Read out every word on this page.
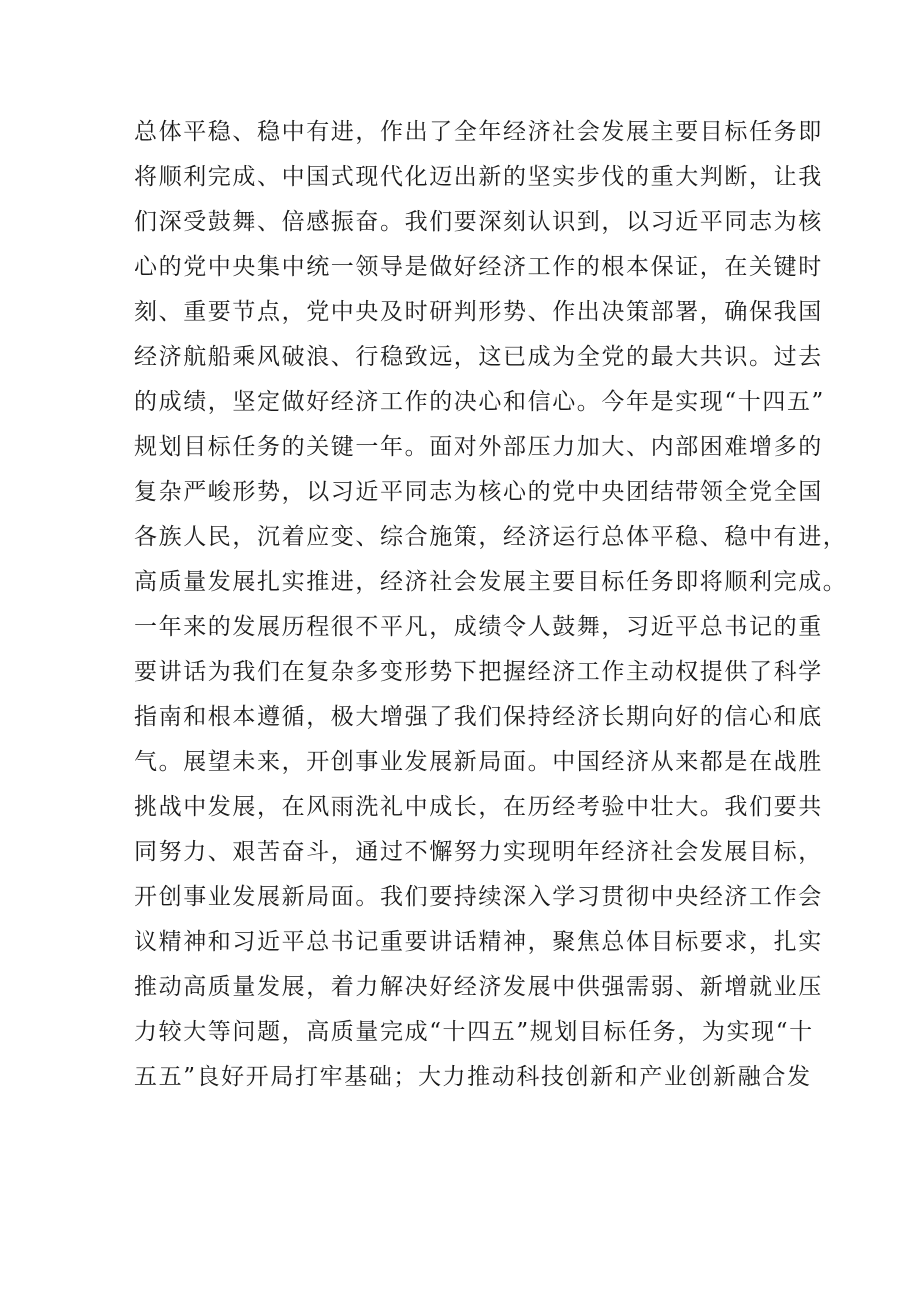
总体平稳、稳中有进，作出了全年经济社会发展主要目标任务即
将顺利完成、中国式现代化迈出新的坚实步伐的重大判断，让我
们深受鼓舞、倍感振奋。我们要深刻认识到，以习近平同志为核
心的党中央集中统一领导是做好经济工作的根本保证，在关键时
刻、重要节点，党中央及时研判形势、作出决策部署，确保我国
经济航船乘风破浪、行稳致远，这已成为全党的最大共识。过去
的成绩，坚定做好经济工作的决心和信心。今年是实现“十四五”
规划目标任务的关键一年。面对外部压力加大、内部困难增多的
复杂严峻形势，以习近平同志为核心的党中央团结带领全党全国
各族人民，沉着应变、综合施策，经济运行总体平稳、稳中有进，
高质量发展扎实推进，经济社会发展主要目标任务即将顺利完成。
一年来的发展历程很不平凡，成绩令人鼓舞，习近平总书记的重
要讲话为我们在复杂多变形势下把握经济工作主动权提供了科学
指南和根本遵循，极大增强了我们保持经济长期向好的信心和底
气。展望未来，开创事业发展新局面。中国经济从来都是在战胜
挑战中发展，在风雨洗礼中成长，在历经考验中壮大。我们要共
同努力、艰苦奋斗，通过不懈努力实现明年经济社会发展目标，
开创事业发展新局面。我们要持续深入学习贯彻中央经济工作会
议精神和习近平总书记重要讲话精神，聚焦总体目标要求，扎实
推动高质量发展，着力解决好经济发展中供强需弱、新增就业压
力较大等问题，高质量完成“十四五”规划目标任务，为实现“十
五五”良好开局打牢基础；大力推动科技创新和产业创新融合发
